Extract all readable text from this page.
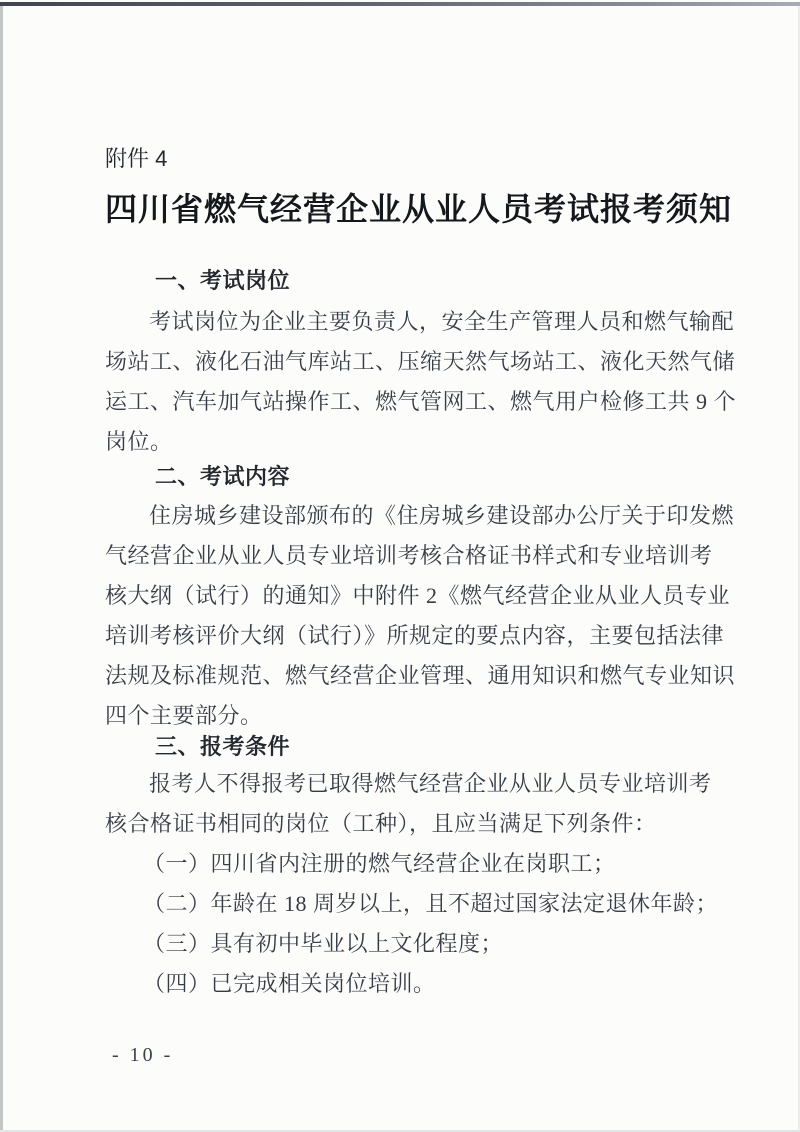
附件 4
四川省燃气经营企业从业人员考试报考须知
一、考试岗位
考试岗位为企业主要负责人，安全生产管理人员和燃气输配
场站工、液化石油气库站工、压缩天然气场站工、液化天然气储
运工、汽车加气站操作工、燃气管网工、燃气用户检修工共 9 个
岗位。
二、考试内容
住房城乡建设部颁布的《住房城乡建设部办公厅关于印发燃
气经营企业从业人员专业培训考核合格证书样式和专业培训考
核大纲（试行）的通知》中附件 2《燃气经营企业从业人员专业
培训考核评价大纲（试行）》所规定的要点内容，主要包括法律
法规及标准规范、燃气经营企业管理、通用知识和燃气专业知识
四个主要部分。
三、报考条件
报考人不得报考已取得燃气经营企业从业人员专业培训考
核合格证书相同的岗位（工种），且应当满足下列条件：
（一）四川省内注册的燃气经营企业在岗职工；
（二）年龄在 18 周岁以上，且不超过国家法定退休年龄；
（三）具有初中毕业以上文化程度；
（四）已完成相关岗位培训。
- 10 -
